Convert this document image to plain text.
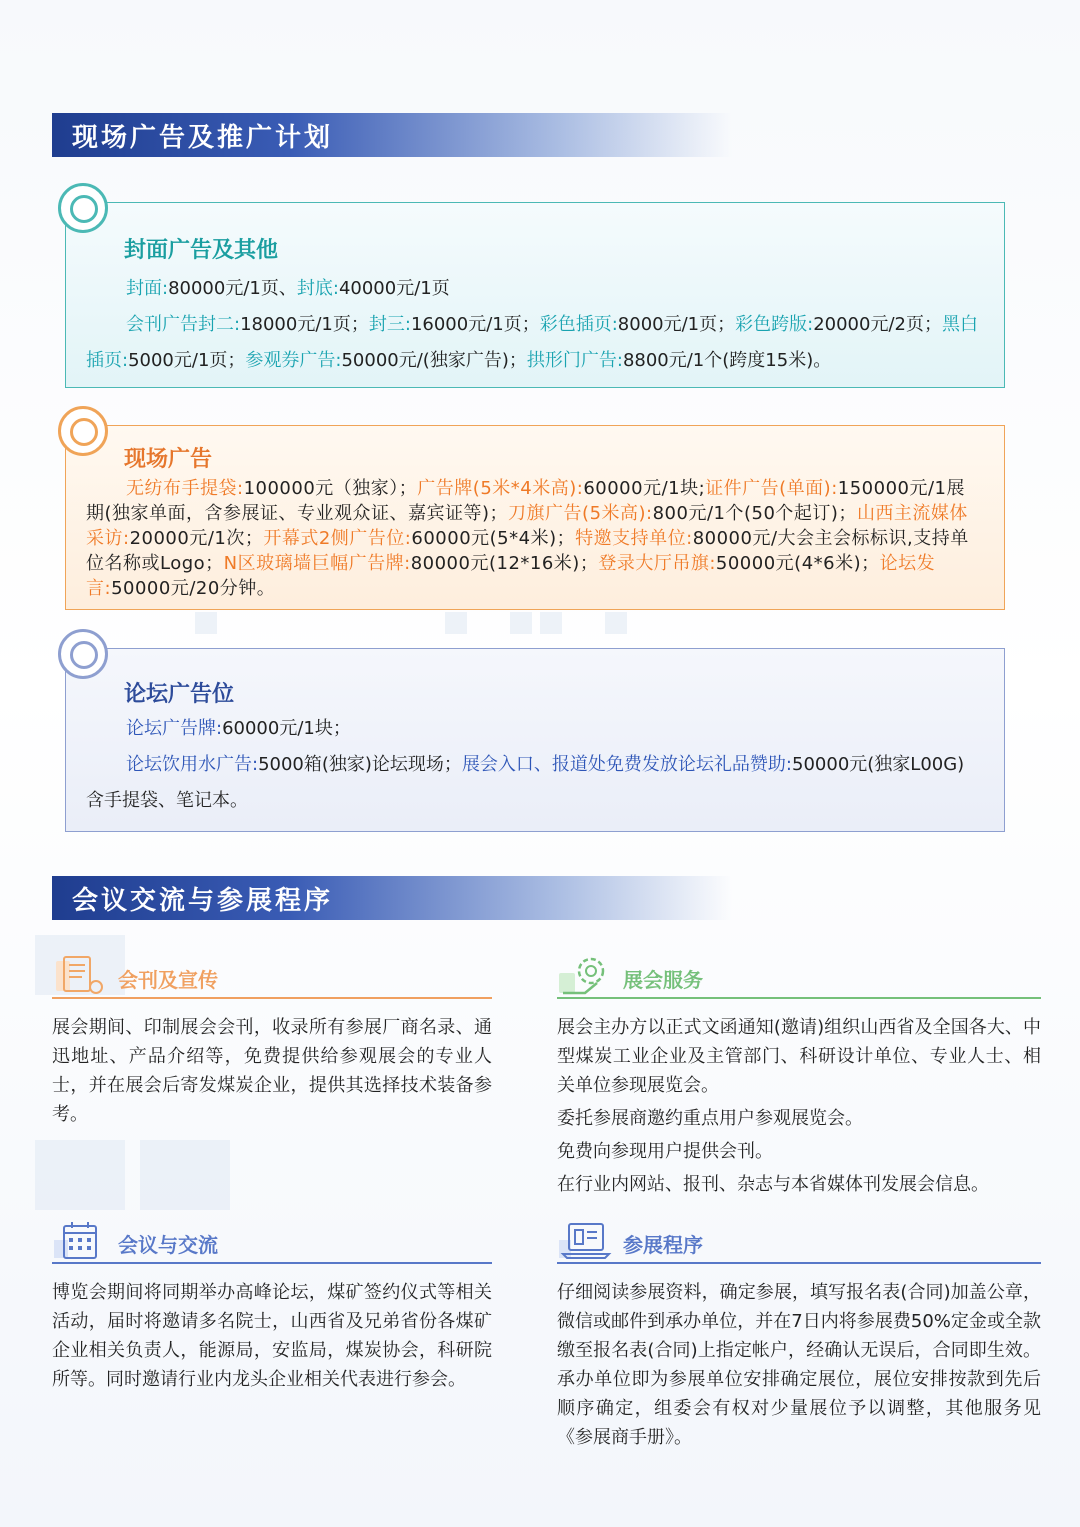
现场广告及推广计划
封面广告及其他

封面:80000元/1页、封底:40000元/1页

会刊广告封二:18000元/1页；封三:16000元/1页；彩色插页:8000元/1页；彩色跨版:20000元/2页；黑白插页:5000元/1页；参观券广告:50000元/(独家广告)；拱形门广告:8800元/1个(跨度15米)。

现场广告

无纺布手提袋:100000元（独家）；广告牌(5米*4米高):60000元/1块;证件广告(单面):150000元/1展期(独家单面，含参展证、专业观众证、嘉宾证等)；刀旗广告(5米高):800元/1个(50个起订)；山西主流媒体采访:20000元/1次；开幕式2侧广告位:60000元(5*4米)；特邀支持单位:80000元/大会主会标标识,支持单位名称或Logo；N区玻璃墙巨幅广告牌:80000元(12*16米)；登录大厅吊旗:50000元(4*6米)；论坛发言:50000元/20分钟。

论坛广告位

论坛广告牌:60000元/1块；

论坛饮用水广告:5000箱(独家)论坛现场；展会入口、报道处免费发放论坛礼品赞助:50000元(独家L00G)含手提袋、笔记本。

会议交流与参展程序
会刊及宣传
展会期间、印制展会会刊，收录所有参展厂商名录、通迅地址、产品介绍等，免费提供给参观展会的专业人士，并在展会后寄发煤炭企业，提供其选择技术装备参考。
展会服务
展会主办方以正式文函通知(邀请)组织山西省及全国各大、中型煤炭工业企业及主管部门、科研设计单位、专业人士、相关单位参现展览会。
委托参展商邀约重点用户参观展览会。
免费向参现用户提供会刊。
在行业内网站、报刊、杂志与本省媒体刊发展会信息。
会议与交流
博览会期间将同期举办高峰论坛，煤矿签约仪式等相关活动，届时将邀请多名院士，山西省及兄弟省份各煤矿企业相关负责人，能源局，安监局，煤炭协会，科研院所等。同时邀请行业内龙头企业相关代表进行参会。
参展程序
仔细阅读参展资料，确定参展，填写报名表(合同)加盖公章，微信或邮件到承办单位，并在7日内将参展费50%定金或全款缴至报名表(合同)上指定帐户，经确认无误后，合同即生效。承办单位即为参展单位安排确定展位，展位安排按款到先后顺序确定，组委会有权对少量展位予以调整，其他服务见《参展商手册》。
